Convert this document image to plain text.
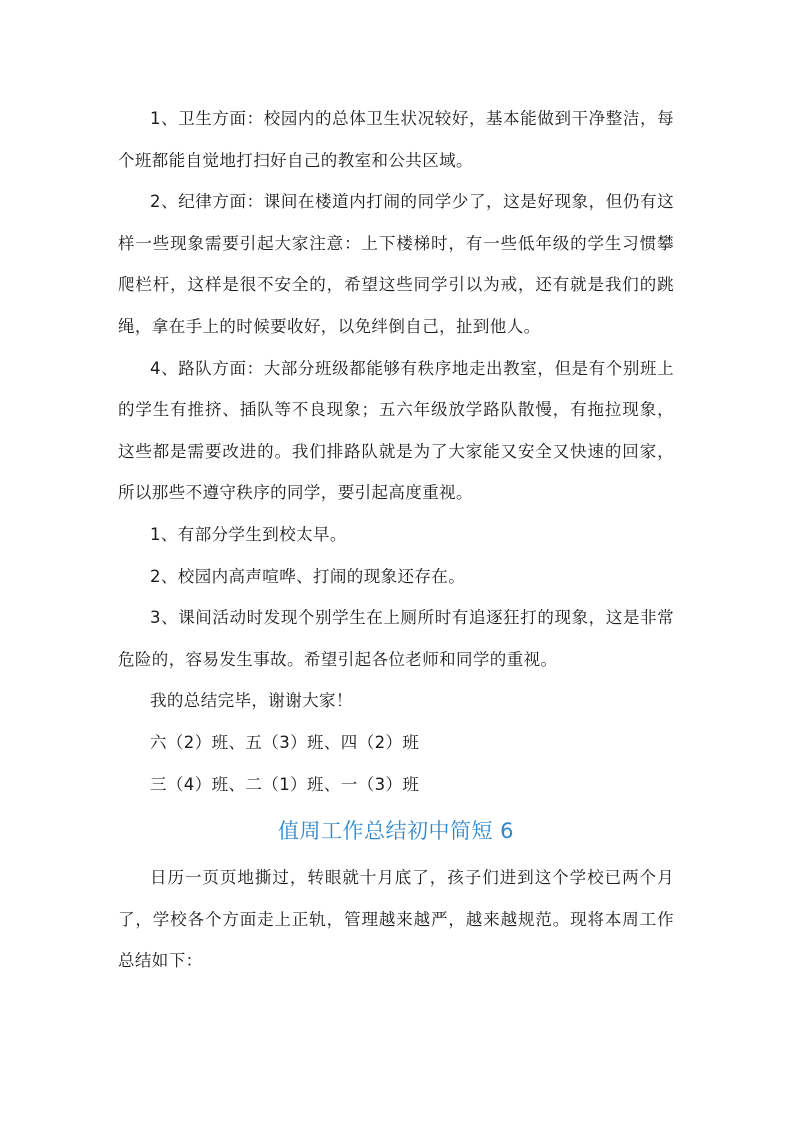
1、卫生方面：校园内的总体卫生状况较好，基本能做到干净整洁，每个班都能自觉地打扫好自己的教室和公共区域。

2、纪律方面：课间在楼道内打闹的同学少了，这是好现象，但仍有这样一些现象需要引起大家注意：上下楼梯时，有一些低年级的学生习惯攀爬栏杆，这样是很不安全的，希望这些同学引以为戒，还有就是我们的跳绳，拿在手上的时候要收好，以免绊倒自己，扯到他人。

4、路队方面：大部分班级都能够有秩序地走出教室，但是有个别班上的学生有推挤、插队等不良现象；五六年级放学路队散慢，有拖拉现象，这些都是需要改进的。我们排路队就是为了大家能又安全又快速的回家，所以那些不遵守秩序的同学，要引起高度重视。

1、有部分学生到校太早。

2、校园内高声喧哗、打闹的现象还存在。

3、课间活动时发现个别学生在上厕所时有追逐狂打的现象，这是非常危险的，容易发生事故。希望引起各位老师和同学的重视。

我的总结完毕，谢谢大家！

六（2）班、五（3）班、四（2）班

三（4）班、二（1）班、一（3）班

值周工作总结初中简短 6

日历一页页地撕过，转眼就十月底了，孩子们进到这个学校已两个月了，学校各个方面走上正轨，管理越来越严，越来越规范。现将本周工作总结如下：
